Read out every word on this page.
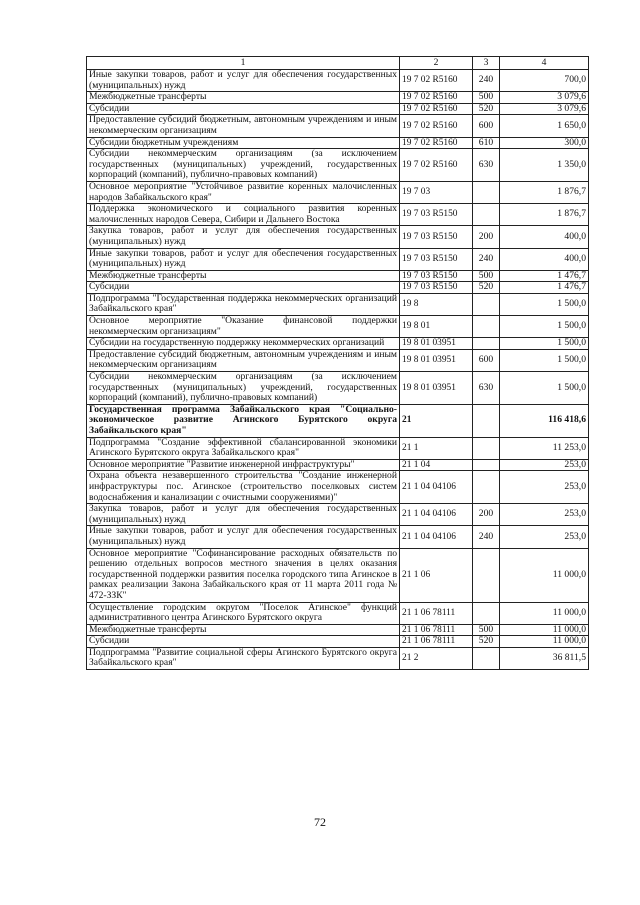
1	2	3	4
Иные закупки товаров, работ и услуг для обеспечения государственных (муниципальных) нужд	19 7 02 R5160	240	700,0
Межбюджетные трансферты	19 7 02 R5160	500	3 079,6
Субсидии	19 7 02 R5160	520	3 079,6
Предоставление субсидий бюджетным, автономным учреждениям и иным некоммерческим организациям	19 7 02 R5160	600	1 650,0
Субсидии бюджетным учреждениям	19 7 02 R5160	610	300,0
Субсидии некоммерческим организациям (за исключением государственных (муниципальных) учреждений, государственных корпораций (компаний), публично-правовых компаний)	19 7 02 R5160	630	1 350,0
Основное мероприятие "Устойчивое развитие коренных малочисленных народов Забайкальского края"	19 7 03		1 876,7
Поддержка экономического и социального развития коренных малочисленных народов Севера, Сибири и Дальнего Востока	19 7 03 R5150		1 876,7
Закупка товаров, работ и услуг для обеспечения государственных (муниципальных) нужд	19 7 03 R5150	200	400,0
Иные закупки товаров, работ и услуг для обеспечения государственных (муниципальных) нужд	19 7 03 R5150	240	400,0
Межбюджетные трансферты	19 7 03 R5150	500	1 476,7
Субсидии	19 7 03 R5150	520	1 476,7
Подпрограмма "Государственная поддержка некоммерческих организаций Забайкальского края"	19 8		1 500,0
Основное мероприятие "Оказание финансовой поддержки некоммерческим организациям"	19 8 01		1 500,0
Субсидии на государственную поддержку некоммерческих организаций	19 8 01 03951		1 500,0
Предоставление субсидий бюджетным, автономным учреждениям и иным некоммерческим организациям	19 8 01 03951	600	1 500,0
Субсидии некоммерческим организациям (за исключением государственных (муниципальных) учреждений, государственных корпораций (компаний), публично-правовых компаний)	19 8 01 03951	630	1 500,0
Государственная программа Забайкальского края "Социально-экономическое развитие Агинского Бурятского округа Забайкальского края"	21		116 418,6
Подпрограмма "Создание эффективной сбалансированной экономики Агинского Бурятского округа Забайкальского края"	21 1		11 253,0
Основное мероприятие "Развитие инженерной инфраструктуры"	21 1 04		253,0
Охрана объекта незавершенного строительства "Создание инженерной инфраструктуры пос. Агинское (строительство поселковых систем водоснабжения и канализации с очистными сооружениями)"	21 1 04 04106		253,0
Закупка товаров, работ и услуг для обеспечения государственных (муниципальных) нужд	21 1 04 04106	200	253,0
Иные закупки товаров, работ и услуг для обеспечения государственных (муниципальных) нужд	21 1 04 04106	240	253,0
Основное мероприятие "Софинансирование расходных обязательств по решению отдельных вопросов местного значения в целях оказания государственной поддержки развития поселка городского типа Агинское в рамках реализации Закона Забайкальского края от 11 марта 2011 года № 472-ЗЗК"	21 1 06		11 000,0
Осуществление городским округом "Поселок Агинское" функций административного центра Агинского Бурятского округа	21 1 06 78111		11 000,0
Межбюджетные трансферты	21 1 06 78111	500	11 000,0
Субсидии	21 1 06 78111	520	11 000,0
Подпрограмма "Развитие социальной сферы Агинского Бурятского округа Забайкальского края"	21 2		36 811,5
72
